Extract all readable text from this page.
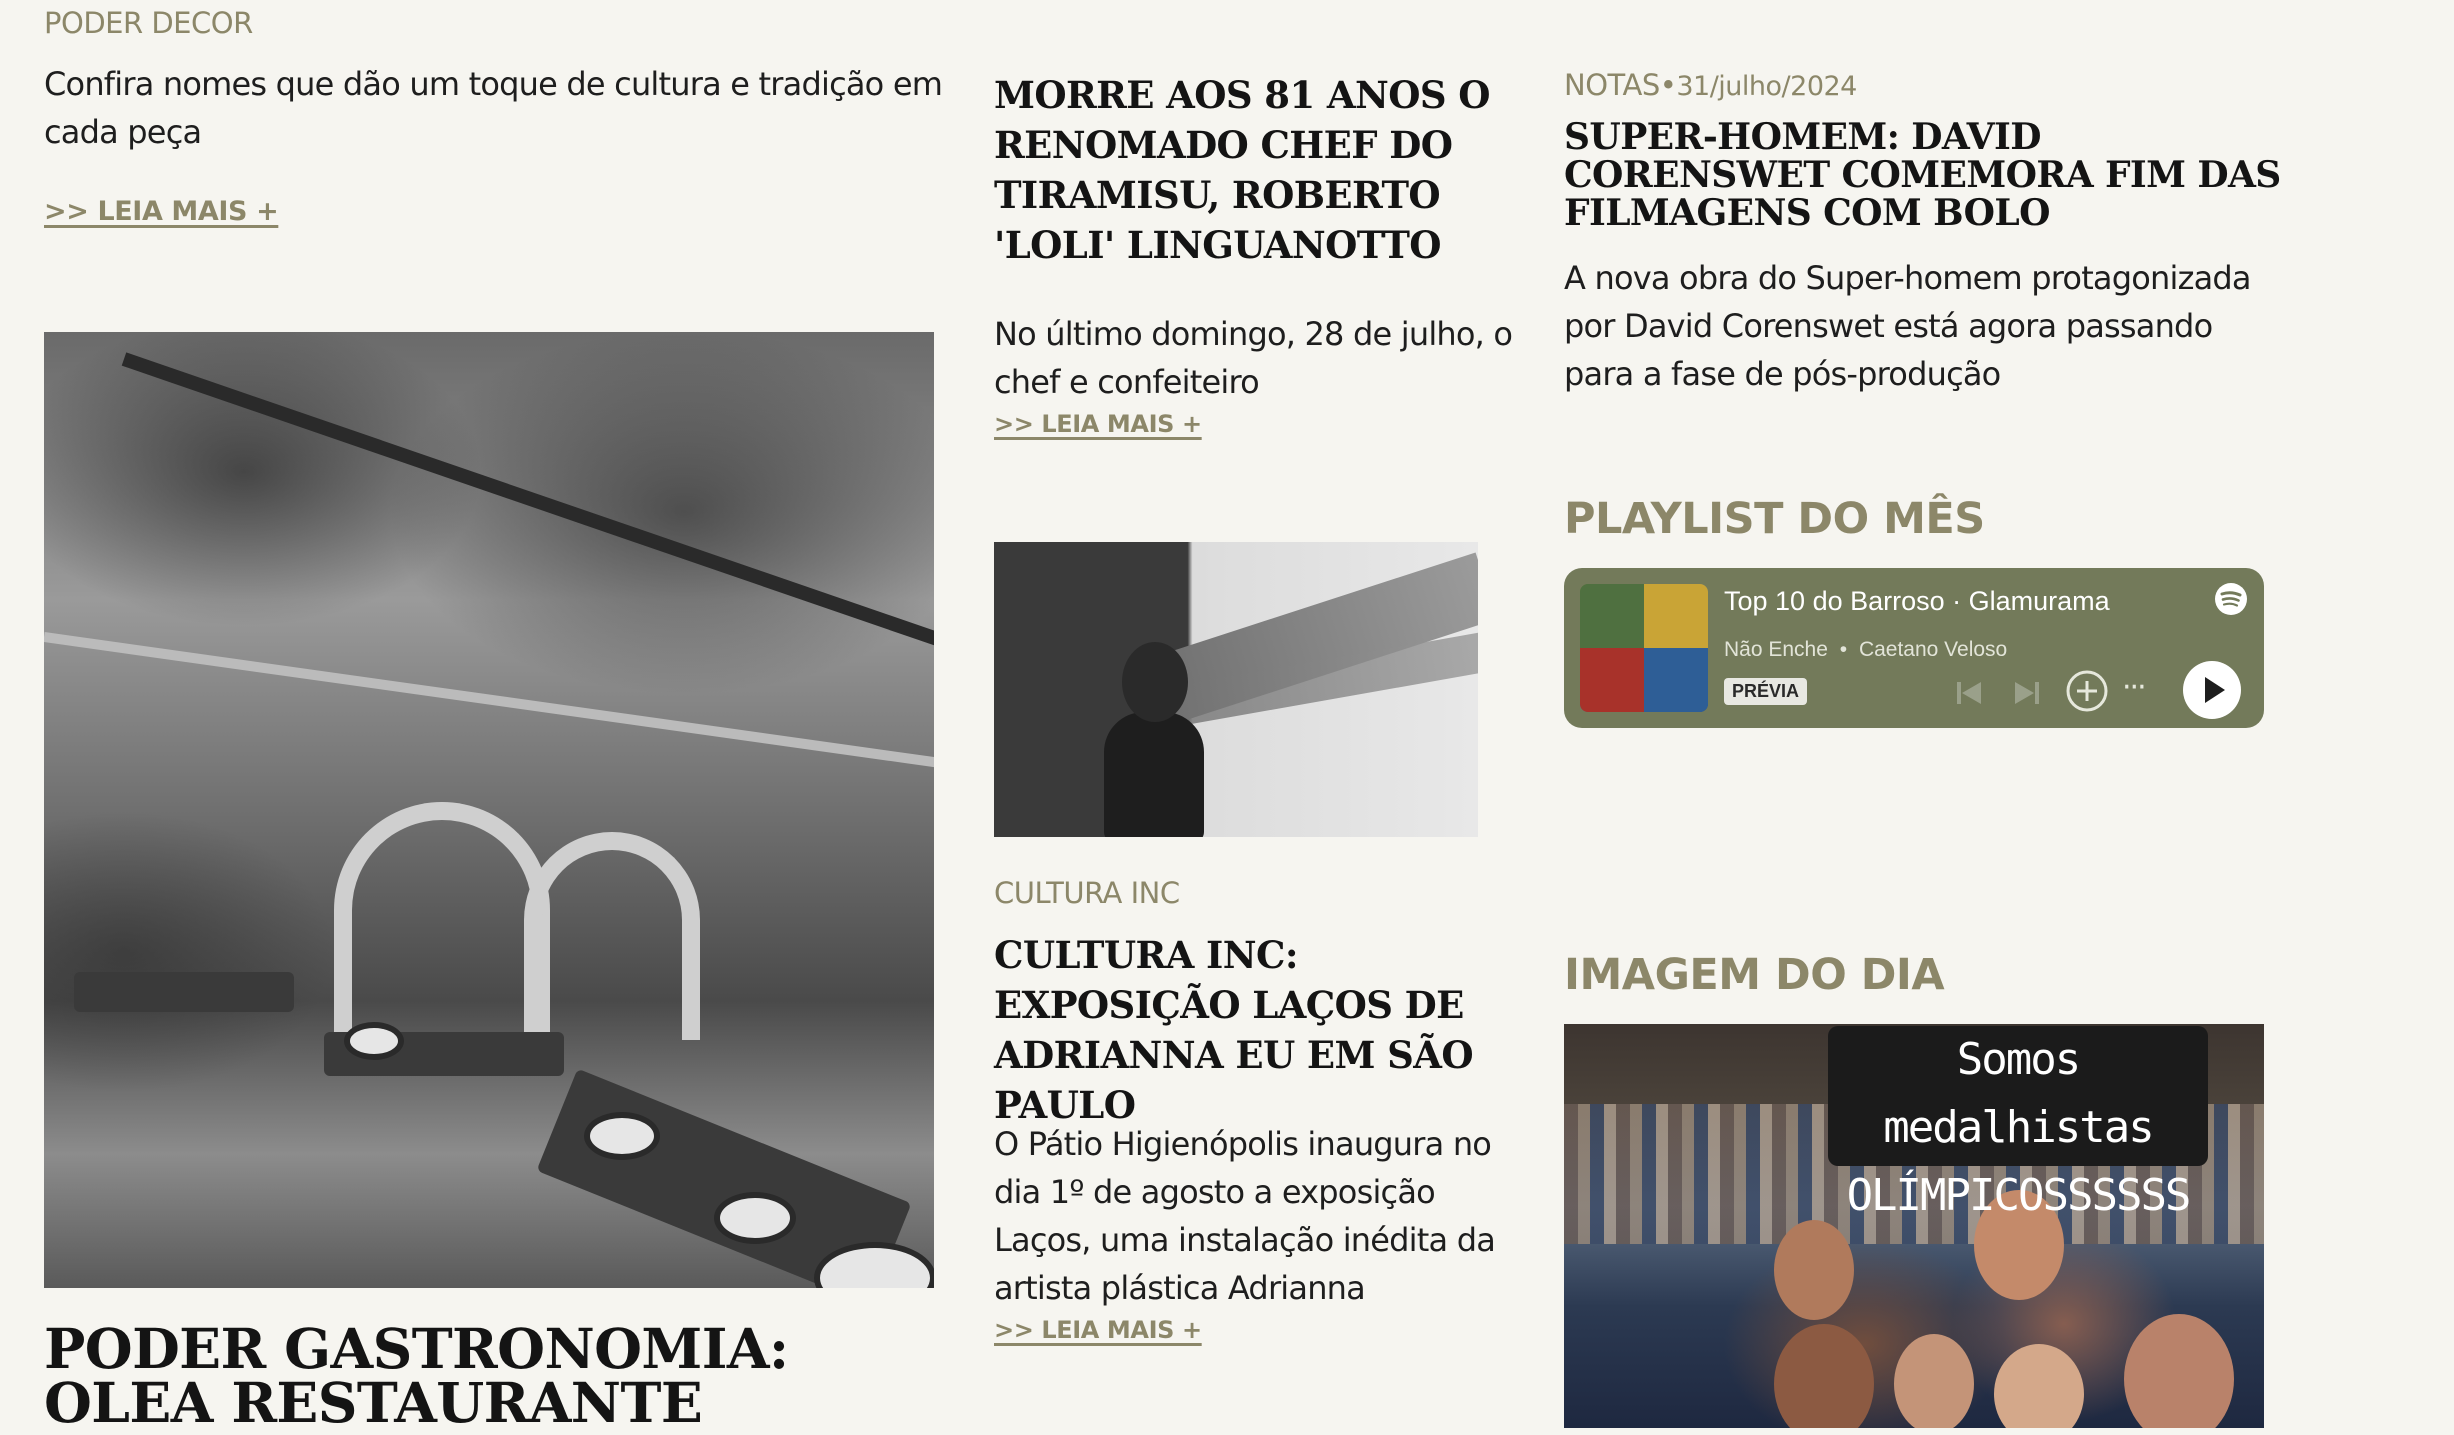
PODER DECOR
Confira nomes que dão um toque de cultura e tradição em cada peça
>> LEIA MAIS +
PODER GASTRONOMIA: OLEA RESTAURANTE
MORRE AOS 81 ANOS O RENOMADO CHEF DO TIRAMISU, ROBERTO 'LOLI' LINGUANOTTO
No último domingo, 28 de julho, o chef e confeiteiro
>> LEIA MAIS +
CULTURA INC
CULTURA INC: EXPOSIÇÃO LAÇOS DE ADRIANNA EU EM SÃO PAULO
O Pátio Higienópolis inaugura no dia 1º de agosto a exposição Laços, uma instalação inédita da artista plástica Adrianna
>> LEIA MAIS +
NOTAS•31/julho/2024
SUPER-HOMEM: DAVID CORENSWET COMEMORA FIM DAS FILMAGENS COM BOLO
A nova obra do Super-homem protagonizada por David Corenswet está agora passando para a fase de pós-produção
PLAYLIST DO MÊS
Top 10 do Barroso · Glamurama
Não Enche • Caetano Veloso
PRÉVIA	···
IMAGEM DO DIA
Somos medalhistas OLÍMPICOSSSSSS
